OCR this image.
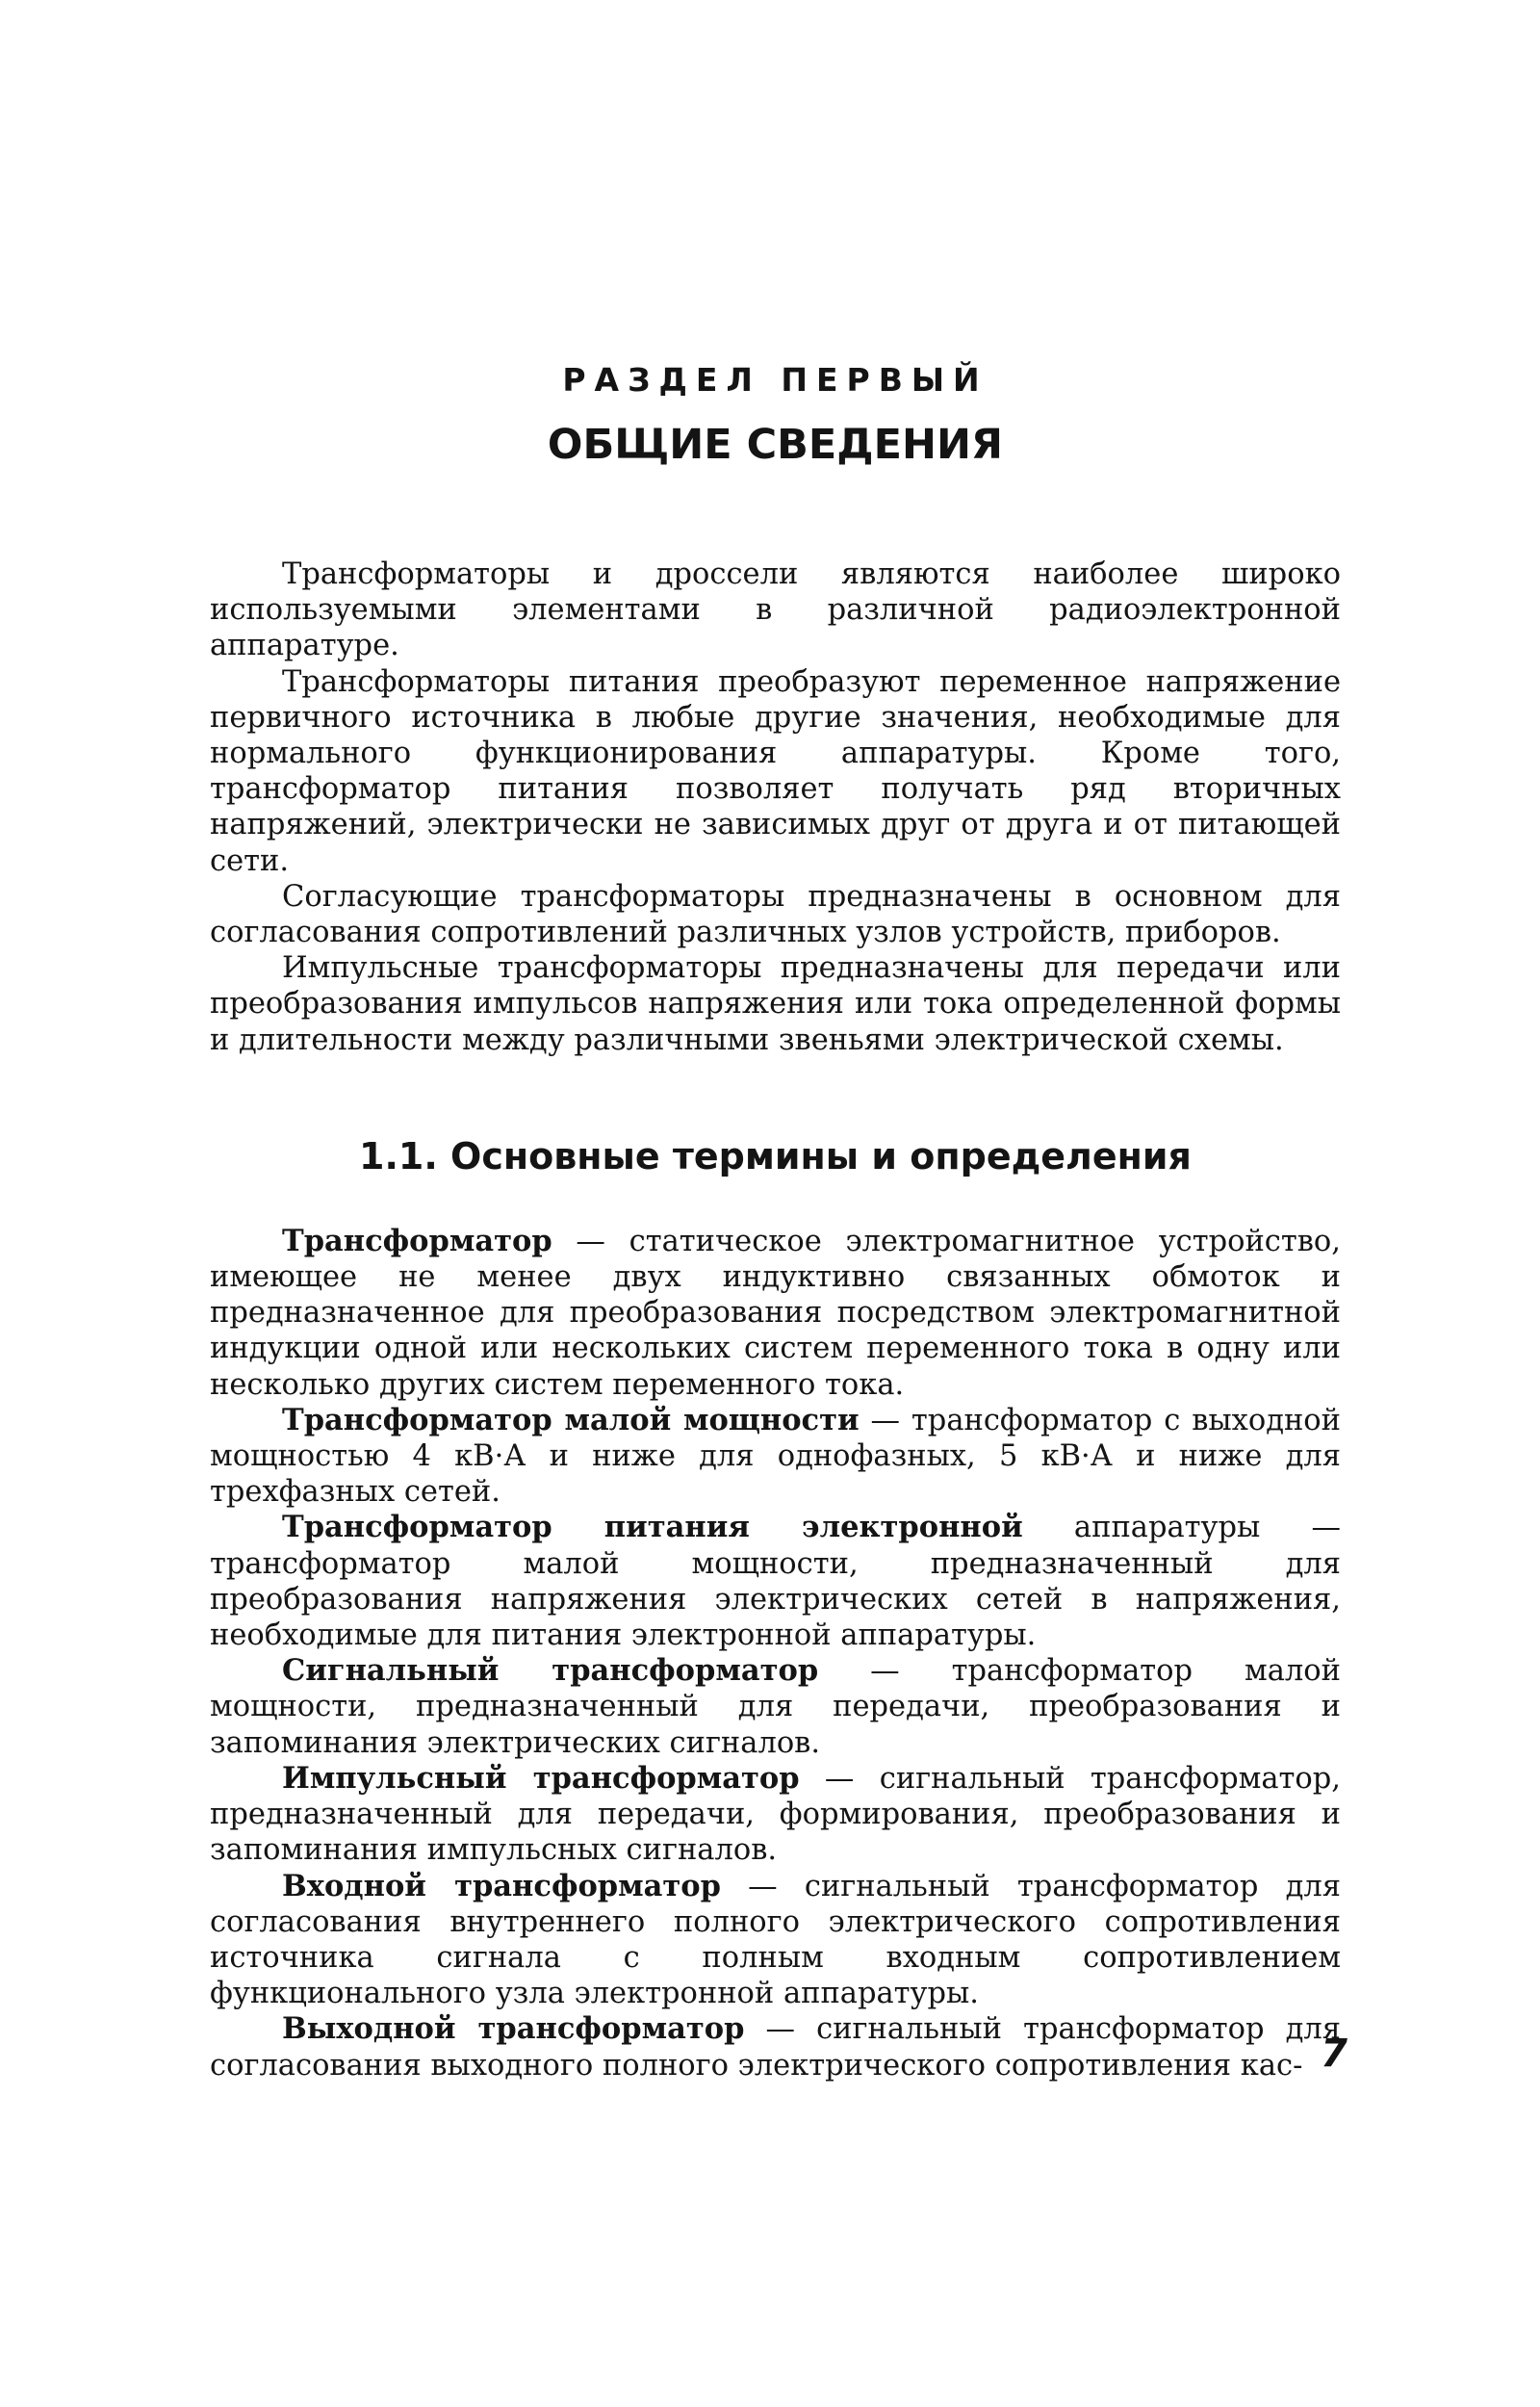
РАЗДЕЛ ПЕРВЫЙ
ОБЩИЕ СВЕДЕНИЯ

Трансформаторы и дроссели являются наиболее широко используемыми элементами в различной радиоэлектронной аппаратуре.

Трансформаторы питания преобразуют переменное напряжение первичного источника в любые другие значения, необходимые для нормального функционирования аппаратуры. Кроме того, трансформатор питания позволяет получать ряд вторичных напряжений, электрически не зависимых друг от друга и от питающей сети.

Согласующие трансформаторы предназначены в основном для согласования сопротивлений различных узлов устройств, приборов.

Импульсные трансформаторы предназначены для передачи или преобразования импульсов напряжения или тока определенной формы и длительности между различными звеньями электрической схемы.

1.1. Основные термины и определения

Трансформатор — статическое электромагнитное устройство, имеющее не менее двух индуктивно связанных обмоток и предназначенное для преобразования посредством электромагнитной индукции одной или нескольких систем переменного тока в одну или несколько других систем переменного тока.

Трансформатор малой мощности — трансформатор с выходной мощностью 4 кВ·А и ниже для однофазных, 5 кВ·А и ниже для трехфазных сетей.

Трансформатор питания электронной аппаратуры — трансформатор малой мощности, предназначенный для преобразования напряжения электрических сетей в напряжения, необходимые для питания электронной аппаратуры.

Сигнальный трансформатор — трансформатор малой мощности, предназначенный для передачи, преобразования и запоминания электрических сигналов.

Импульсный трансформатор — сигнальный трансформатор, предназначенный для передачи, формирования, преобразования и запоминания импульсных сигналов.

Входной трансформатор — сигнальный трансформатор для согласования внутреннего полного электрического сопротивления источника сигнала с полным входным сопротивлением функционального узла электронной аппаратуры.

Выходной трансформатор — сигнальный трансформатор для согласования выходного полного электрического сопротивления кас- 7
